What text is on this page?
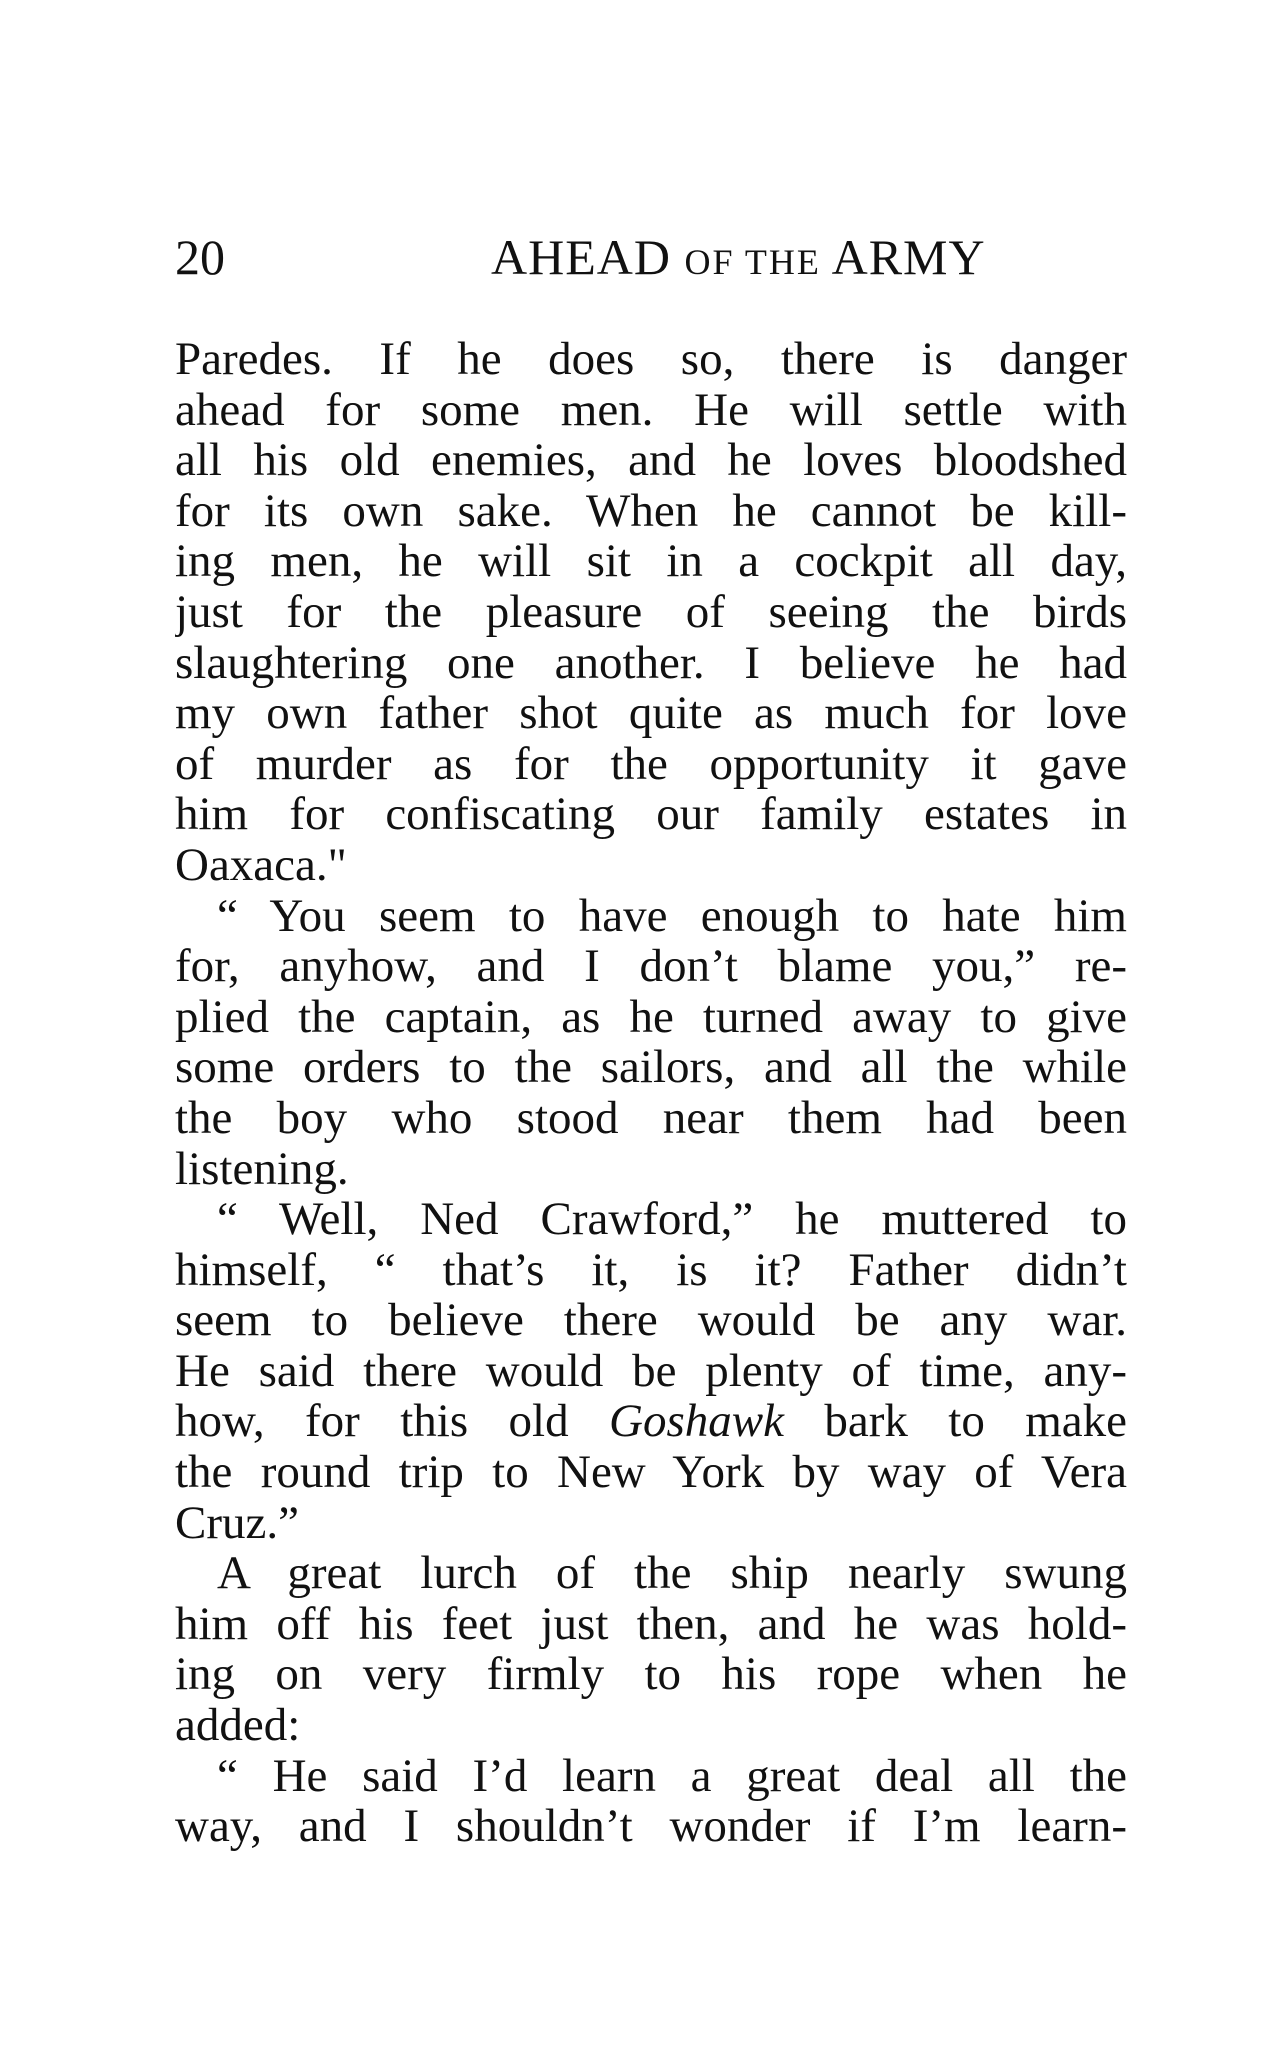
20	AHEAD OF THE ARMY
Paredes. If he does so, there is danger
ahead for some men. He will settle with
all his old enemies, and he loves bloodshed
for its own sake. When he cannot be kill-
ing men, he will sit in a cockpit all day,
just for the pleasure of seeing the birds
slaughtering one another. I believe he had
my own father shot quite as much for love
of murder as for the opportunity it gave
him for confiscating our family estates in
Oaxaca."
“ You seem to have enough to hate him
for, anyhow, and I don’t blame you,” re-
plied the captain, as he turned away to give
some orders to the sailors, and all the while
the boy who stood near them had been
listening.
“ Well, Ned Crawford,” he muttered to
himself, “ that’s it, is it? Father didn’t
seem to believe there would be any war.
He said there would be plenty of time, any-
how, for this old Goshawk bark to make
the round trip to New York by way of Vera
Cruz.”
A great lurch of the ship nearly swung
him off his feet just then, and he was hold-
ing on very firmly to his rope when he
added:
“ He said I’d learn a great deal all the
way, and I shouldn’t wonder if I’m learn-
